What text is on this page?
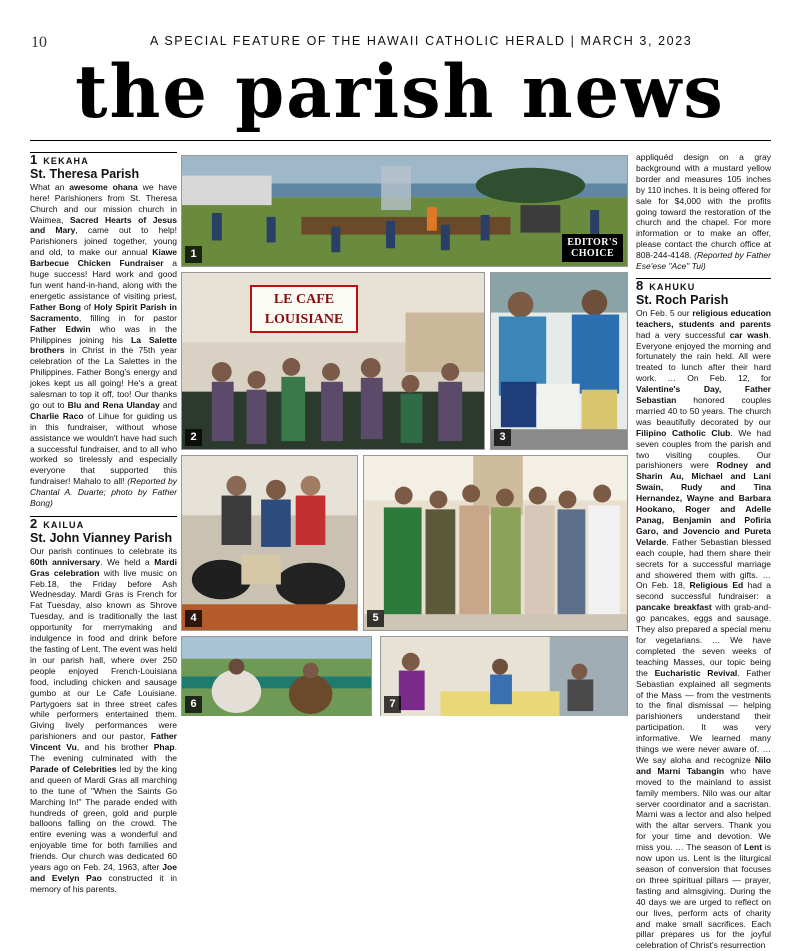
10	A SPECIAL FEATURE OF THE HAWAII CATHOLIC HERALD | MARCH 3, 2023
the parish news
1 KEKAHA
St. Theresa Parish

What an awesome ohana we have here! Parishioners from St. Theresa Church and our mission church in Waimea, Sacred Hearts of Jesus and Mary, came out to help! Parishioners joined together, young and old, to make our annual Kiawe Barbecue Chicken Fundraiser a huge success! Hard work and good fun went hand-in-hand, along with the energetic assistance of visiting priest, Father Bong of Holy Spirit Parish in Sacramento, filling in for pastor Father Edwin who was in the Philippines joining his La Salette brothers in Christ in the 75th year celebration of the La Salettes in the Philippines. Father Bong's energy and jokes kept us all going! He's a great salesman to top it off, too! Our thanks go out to Blu and Rena Ulanday and Charlie Raco of Lihue for guiding us in this fundraiser, without whose assistance we wouldn't have had such a successful fundraiser, and to all who worked so tirelessly and especially everyone that supported this fundraiser! Mahalo to all! (Reported by Chantal A. Duarte; photo by Father Bong)

2 KAILUA
St. John Vianney Parish

Our parish continues to celebrate its 60th anniversary. We held a Mardi Gras celebration with live music on Feb.18, the Friday before Ash Wednesday. Mardi Gras is French for Fat Tuesday, also known as Shrove Tuesday, and is traditionally the last opportunity for merrymaking and indulgence in food and drink before the fasting of Lent. The event was held in our parish hall, where over 250 people enjoyed French-Louisiana food, including chicken and sausage gumbo at our Le Cafe Louisiane. Partygoers sat in three street cafes while performers entertained them. Giving lively performances were parishioners and our pastor, Father Vincent Vu, and his brother Phap. The evening culminated with the Parade of Celebrities led by the king and queen of Mardi Gras all marching to the tune of "When the Saints Go Marching In!" The parade ended with hundreds of green, gold and purple balloons falling on the crowd. The entire evening was a wonderful and enjoyable time for both families and friends. Our church was dedicated 60 years ago on Feb. 24, 1963, after Joe and Evelyn Pao constructed it in memory of his parents.

appliquéd design on a gray background with a mustard yellow border and measures 105 inches by 110 inches. It is being offered for sale for $4,000 with the profits going toward the restoration of the church and the chapel. For more information or to make an offer, please contact the church office at 808-244-4148. (Reported by Father Ese'ese "Ace" Tui)

8 KAHUKU
St. Roch Parish

On Feb. 5 our religious education teachers, students and parents had a very successful car wash. Everyone enjoyed the morning and fortunately the rain held. All were treated to lunch after their hard work. … On Feb. 12, for Valentine's Day, Father Sebastian honored couples married 40 to 50 years. The church was beautifully decorated by our Filipino Catholic Club. We had seven couples from the parish and two visiting couples. Our parishioners were Rodney and Sharin Au, Michael and Lani Swain, Rudy and Tina Hernandez, Wayne and Barbara Hookano, Roger and Adelle Panag, Benjamin and Pofiria Garo, and Jovencio and Pureta Velarde. Father Sebastian blessed each couple, had them share their secrets for a successful marriage and showered them with gifts. … On Feb. 18, Religious Ed had a second successful fundraiser: a pancake breakfast with grab-and-go pancakes, eggs and sausage. They also prepared a special menu for vegetarians. … We have completed the seven weeks of teaching Masses, our topic being the Eucharistic Revival. Father Sebastian explained all segments of the Mass — from the vestments to the final dismissal — helping parishioners understand their participation. It was very informative. We learned many things we were never aware of. … We say aloha and recognize Nilo and Marni Tabangin who have moved to the mainland to assist family members. Nilo was our altar server coordinator and a sacristan. Marni was a lector and also helped with the altar servers. Thank you for your time and devotion. We miss you. … The season of Lent is now upon us. Lent is the liturgical season of conversion that focuses on three spiritual pillars — prayer, fasting and almsgiving. During the 40 days we are urged to reflect on our lives, perform acts of charity and make small sacrifices. Each pillar prepares us for the joyful celebration of Christ's resurrection

1
EDITOR'S
CHOICE
LE CAFE
LOUISIANE
2	3
4	5
6	7
